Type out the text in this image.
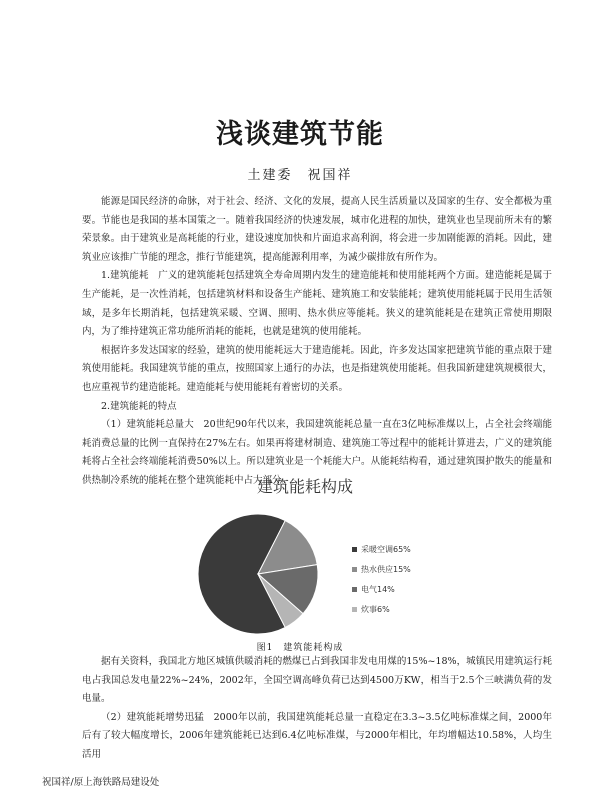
浅谈建筑节能
土建委　祝国祥

能源是国民经济的命脉，对于社会、经济、文化的发展，提高人民生活质量以及国家的生存、安全都极为重要。节能也是我国的基本国策之一。随着我国经济的快速发展，城市化进程的加快，建筑业也呈现前所未有的繁荣景象。由于建筑业是高耗能的行业，建设速度加快和片面追求高利润，将会进一步加剧能源的消耗。因此，建筑业应该推广节能的理念，推行节能建筑，提高能源利用率，为减少碳排放有所作为。

1.建筑能耗　广义的建筑能耗包括建筑全寿命周期内发生的建造能耗和使用能耗两个方面。建造能耗是属于生产能耗，是一次性消耗，包括建筑材料和设备生产能耗、建筑施工和安装能耗；建筑使用能耗属于民用生活领域，是多年长期消耗，包括建筑采暖、空调、照明、热水供应等能耗。狭义的建筑能耗是在建筑正常使用期限内，为了维持建筑正常功能所消耗的能耗，也就是建筑的使用能耗。

根据许多发达国家的经验，建筑的使用能耗远大于建造能耗。因此，许多发达国家把建筑节能的重点限于建筑使用能耗。我国建筑节能的重点，按照国家上通行的办法，也是指建筑使用能耗。但我国新建建筑规模很大，也应重视节约建造能耗。建造能耗与使用能耗有着密切的关系。

2.建筑能耗的特点

（1）建筑能耗总量大　20世纪90年代以来，我国建筑能耗总量一直在3亿吨标准煤以上，占全社会终端能耗消费总量的比例一直保持在27%左右。如果再将建材制造、建筑施工等过程中的能耗计算进去，广义的建筑能耗将占全社会终端能耗消费50%以上。所以建筑业是一个耗能大户。从能耗结构看，通过建筑围护散失的能量和供热制冷系统的能耗在整个建筑能耗中占大部分。

建筑能耗构成
采暖空调65%
热水供应15%
电气14%
炊事6%
图1　建筑能耗构成

据有关资料，我国北方地区城镇供暖消耗的燃煤已占到我国非发电用煤的15%~18%，城镇民用建筑运行耗电占我国总发电量22%~24%，2002年，全国空调高峰负荷已达到4500万KW，相当于2.5个三峡满负荷的发电量。

（2）建筑能耗增势迅猛　2000年以前，我国建筑能耗总量一直稳定在3.3~3.5亿吨标准煤之间，2000年后有了较大幅度增长，2006年建筑能耗已达到6.4亿吨标准煤，与2000年相比，年均增幅达10.58%，人均生活用

祝国祥/原上海铁路局建设处
